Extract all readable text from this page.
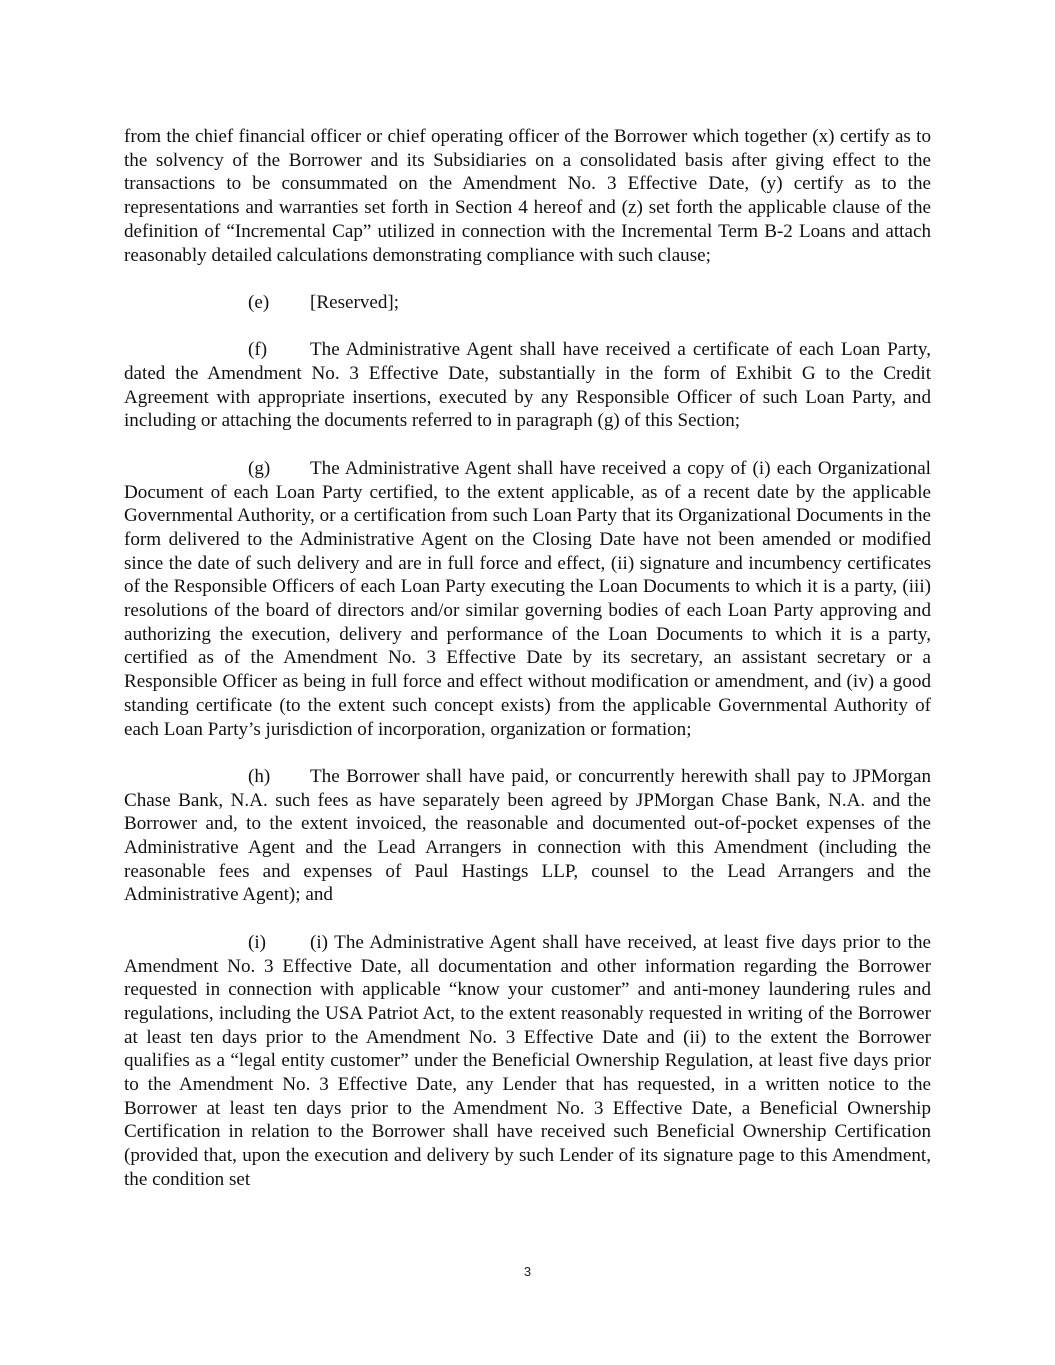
from the chief financial officer or chief operating officer of the Borrower which together (x) certify as to the solvency of the Borrower and its Subsidiaries on a consolidated basis after giving effect to the transactions to be consummated on the Amendment No. 3 Effective Date, (y) certify as to the representations and warranties set forth in Section 4 hereof and (z) set forth the applicable clause of the definition of “Incremental Cap” utilized in connection with the Incremental Term B-2 Loans and attach reasonably detailed calculations demonstrating compliance with such clause;

(e) [Reserved];

(f) The Administrative Agent shall have received a certificate of each Loan Party, dated the Amendment No. 3 Effective Date, substantially in the form of Exhibit G to the Credit Agreement with appropriate insertions, executed by any Responsible Officer of such Loan Party, and including or attaching the documents referred to in paragraph (g) of this Section;

(g) The Administrative Agent shall have received a copy of (i) each Organizational Document of each Loan Party certified, to the extent applicable, as of a recent date by the applicable Governmental Authority, or a certification from such Loan Party that its Organizational Documents in the form delivered to the Administrative Agent on the Closing Date have not been amended or modified since the date of such delivery and are in full force and effect, (ii) signature and incumbency certificates of the Responsible Officers of each Loan Party executing the Loan Documents to which it is a party, (iii) resolutions of the board of directors and/or similar governing bodies of each Loan Party approving and authorizing the execution, delivery and performance of the Loan Documents to which it is a party, certified as of the Amendment No. 3 Effective Date by its secretary, an assistant secretary or a Responsible Officer as being in full force and effect without modification or amendment, and (iv) a good standing certificate (to the extent such concept exists) from the applicable Governmental Authority of each Loan Party’s jurisdiction of incorporation, organization or formation;

(h) The Borrower shall have paid, or concurrently herewith shall pay to JPMorgan Chase Bank, N.A. such fees as have separately been agreed by JPMorgan Chase Bank, N.A. and the Borrower and, to the extent invoiced, the reasonable and documented out-of-pocket expenses of the Administrative Agent and the Lead Arrangers in connection with this Amendment (including the reasonable fees and expenses of Paul Hastings LLP, counsel to the Lead Arrangers and the Administrative Agent); and

(i) (i) The Administrative Agent shall have received, at least five days prior to the Amendment No. 3 Effective Date, all documentation and other information regarding the Borrower requested in connection with applicable “know your customer” and anti-money laundering rules and regulations, including the USA Patriot Act, to the extent reasonably requested in writing of the Borrower at least ten days prior to the Amendment No. 3 Effective Date and (ii) to the extent the Borrower qualifies as a “legal entity customer” under the Beneficial Ownership Regulation, at least five days prior to the Amendment No. 3 Effective Date, any Lender that has requested, in a written notice to the Borrower at least ten days prior to the Amendment No. 3 Effective Date, a Beneficial Ownership Certification in relation to the Borrower shall have received such Beneficial Ownership Certification (provided that, upon the execution and delivery by such Lender of its signature page to this Amendment, the condition set

3
